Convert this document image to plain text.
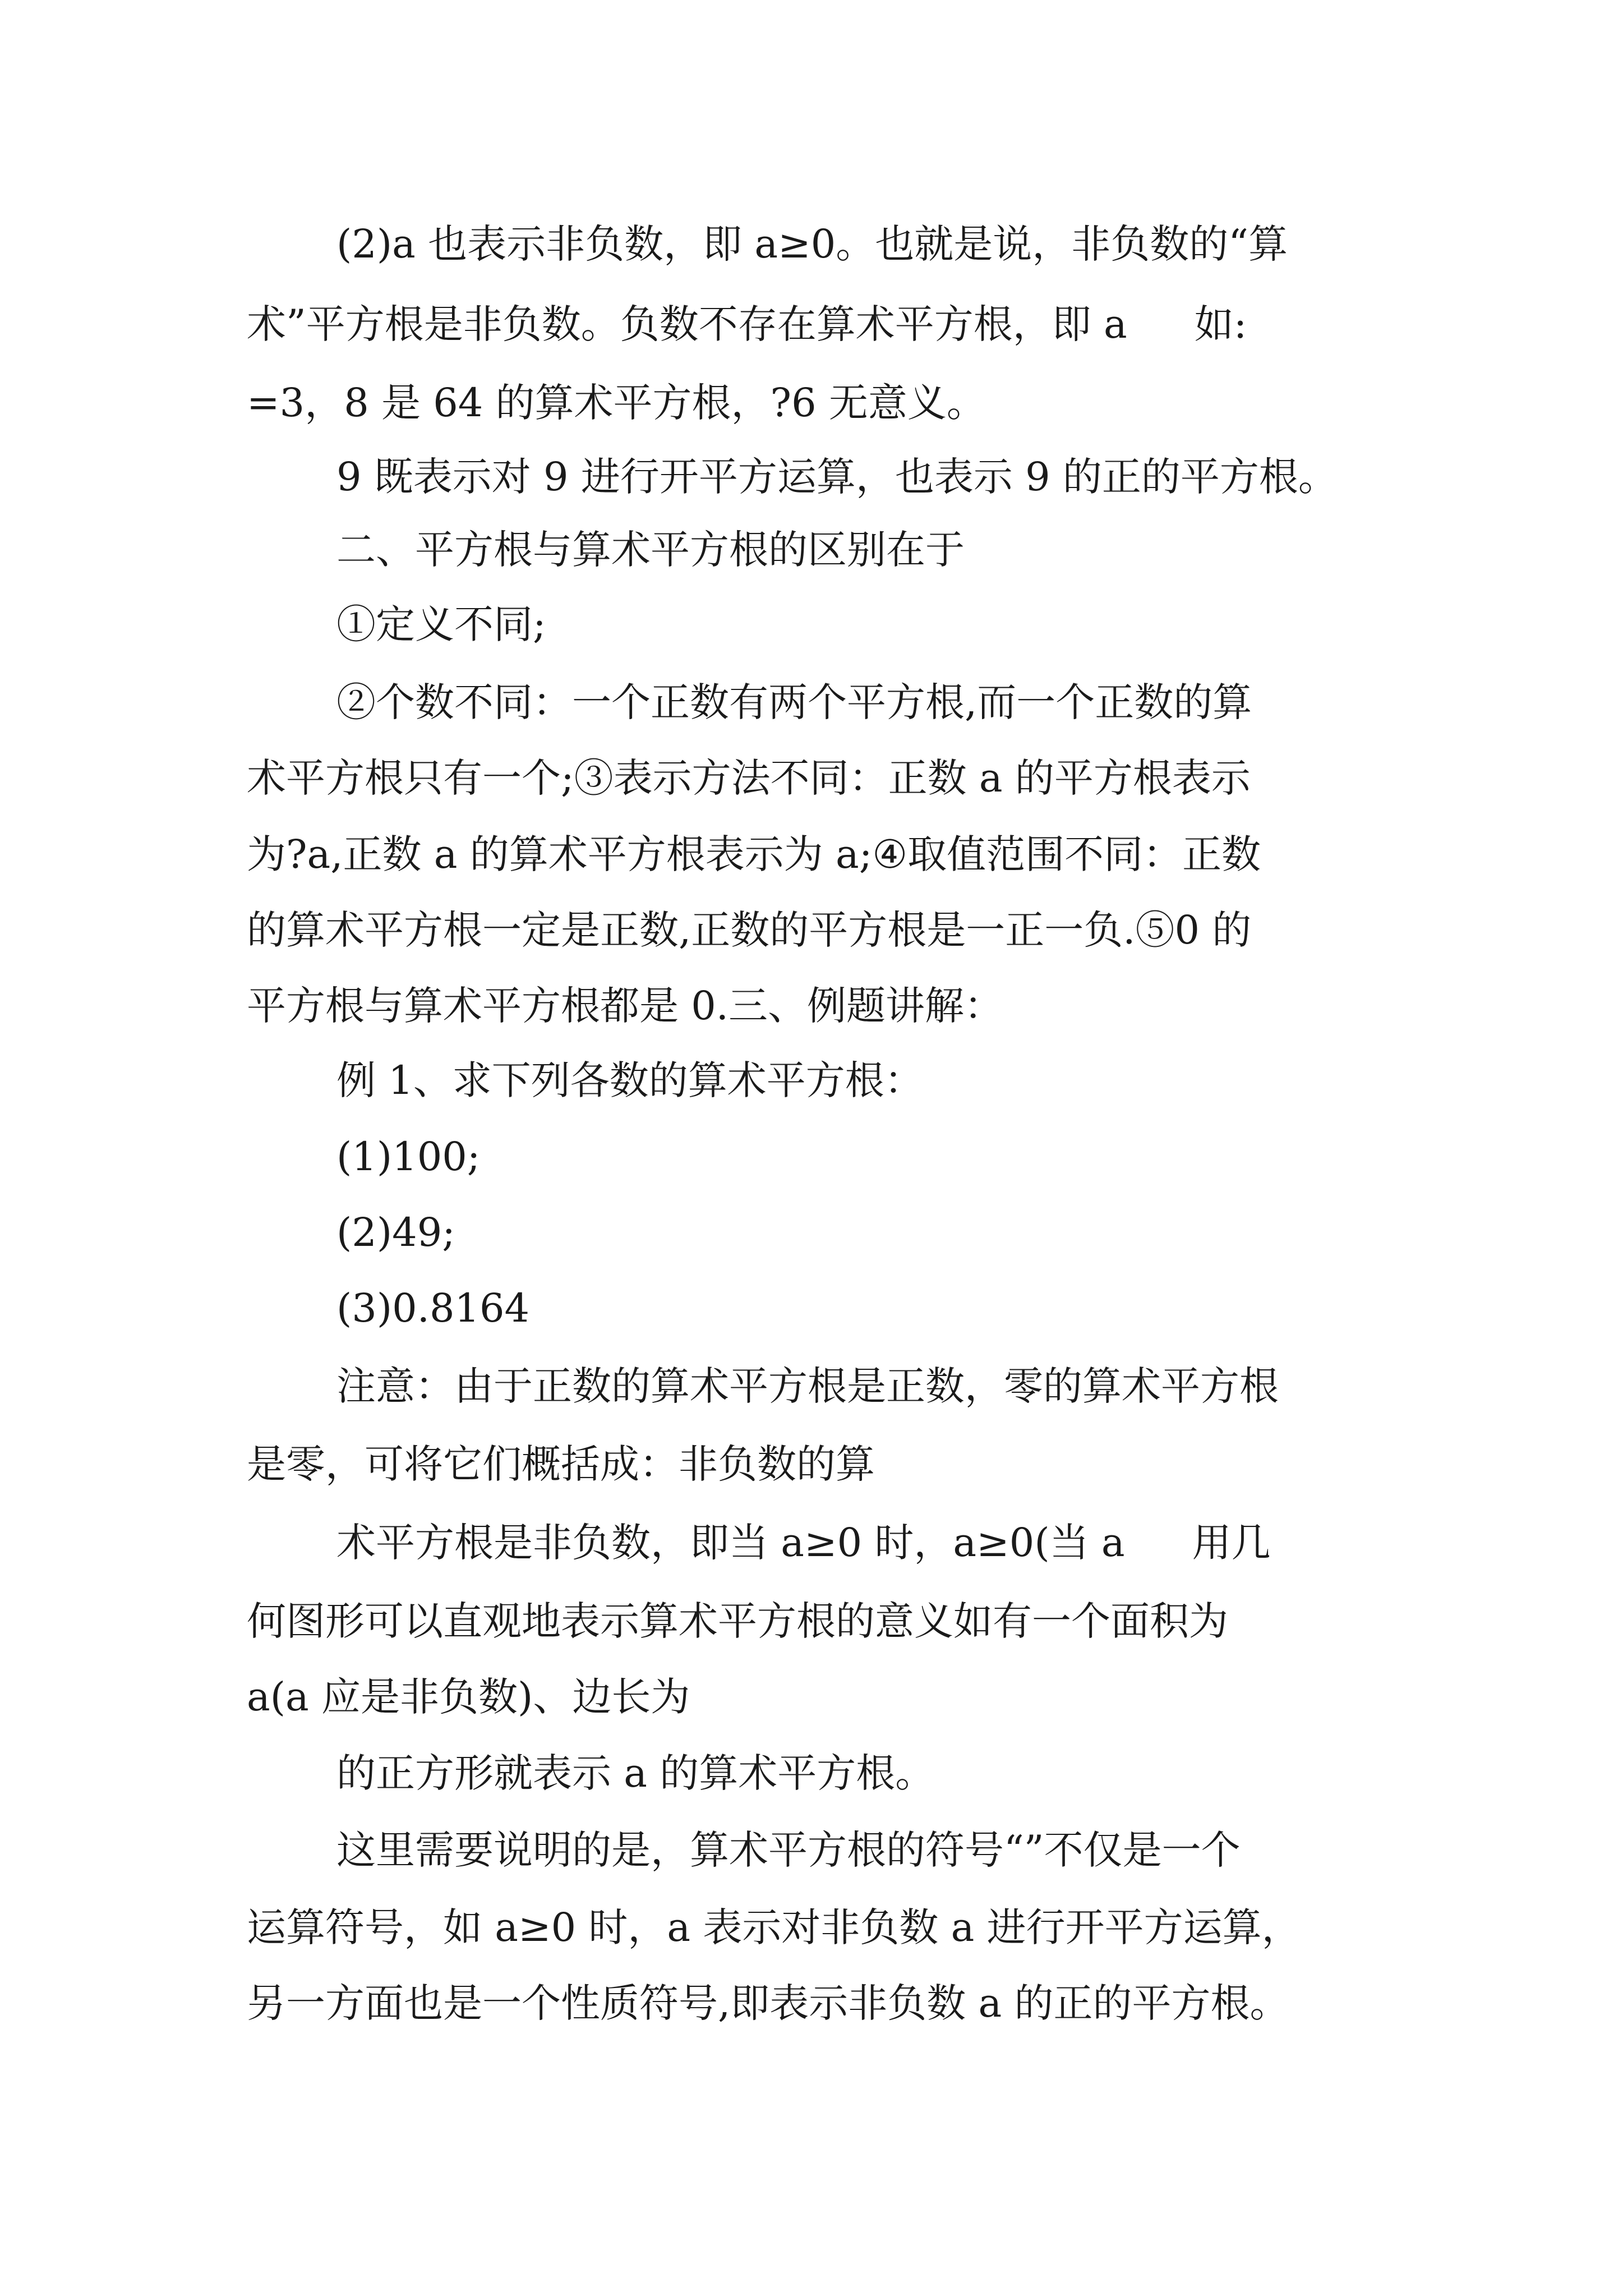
(2)a 也表示非负数，即 a≥0。也就是说，非负数的“算
术”平方根是非负数。负数不存在算术平方根，即 a 如:
=3，8 是 64 的算术平方根，?6 无意义。
9 既表示对 9 进行开平方运算，也表示 9 的正的平方根。
二、平方根与算术平方根的区别在于
①定义不同;
②个数不同：一个正数有两个平方根,而一个正数的算
术平方根只有一个;③表示方法不同：正数 a 的平方根表示
为?a,正数 a 的算术平方根表示为 a;④取值范围不同：正数
的算术平方根一定是正数,正数的平方根是一正一负.⑤0 的
平方根与算术平方根都是 0.三、例题讲解：
例 1、求下列各数的算术平方根：
(1)100;
(2)49;
(3)0.8164
注意：由于正数的算术平方根是正数，零的算术平方根
是零，可将它们概括成：非负数的算
术平方根是非负数，即当 a≥0 时，a≥0(当 a 用几
何图形可以直观地表示算术平方根的意义如有一个面积为
a(a 应是非负数)、边长为
的正方形就表示 a 的算术平方根。
这里需要说明的是，算术平方根的符号“”不仅是一个
运算符号，如 a≥0 时，a 表示对非负数 a 进行开平方运算，
另一方面也是一个性质符号,即表示非负数 a 的正的平方根。
